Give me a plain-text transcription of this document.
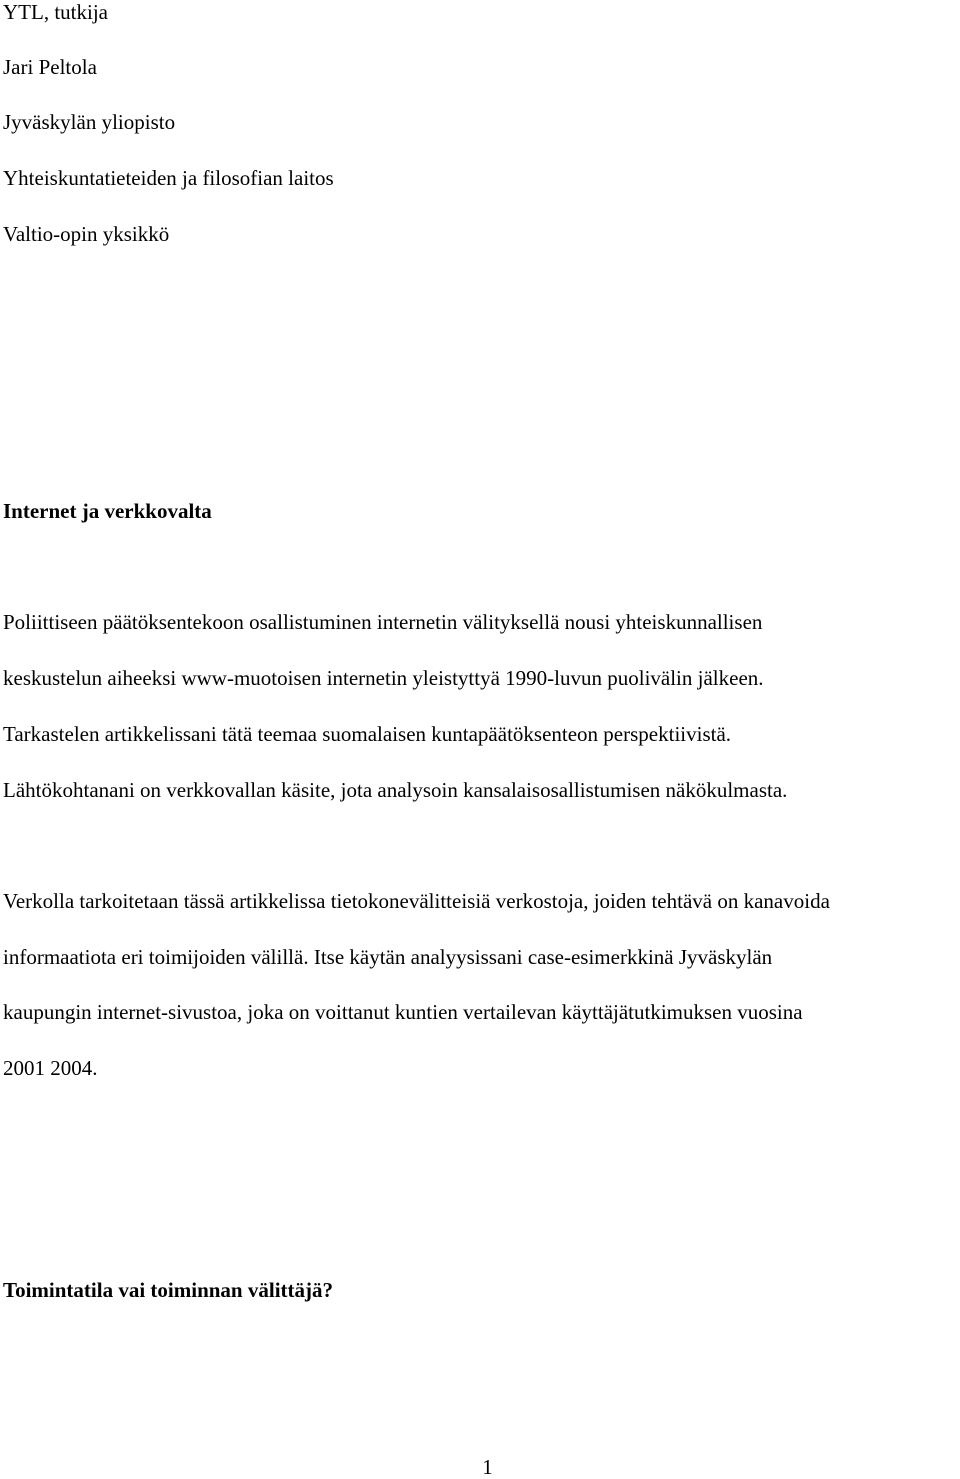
YTL, tutkija
Jari Peltola
Jyväskylän yliopisto
Yhteiskuntatieteiden ja filosofian laitos
Valtio-opin yksikkö
Internet ja verkkovalta
Poliittiseen päätöksentekoon osallistuminen internetin välityksellä nousi yhteiskunnallisen
keskustelun aiheeksi www-muotoisen internetin yleistyttyä 1990-luvun puolivälin jälkeen.
Tarkastelen artikkelissani tätä teemaa suomalaisen kuntapäätöksenteon perspektiivistä.
Lähtökohtanani on verkkovallan käsite, jota analysoin kansalaisosallistumisen näkökulmasta.
Verkolla tarkoitetaan tässä artikkelissa tietokonevälitteisiä verkostoja, joiden tehtävä on kanavoida
informaatiota eri toimijoiden välillä. Itse käytän analyysissani case-esimerkkinä Jyväskylän
kaupungin internet-sivustoa, joka on voittanut kuntien vertailevan käyttäjätutkimuksen vuosina
2001 2004.
Toimintatila vai toiminnan välittäjä?
1
